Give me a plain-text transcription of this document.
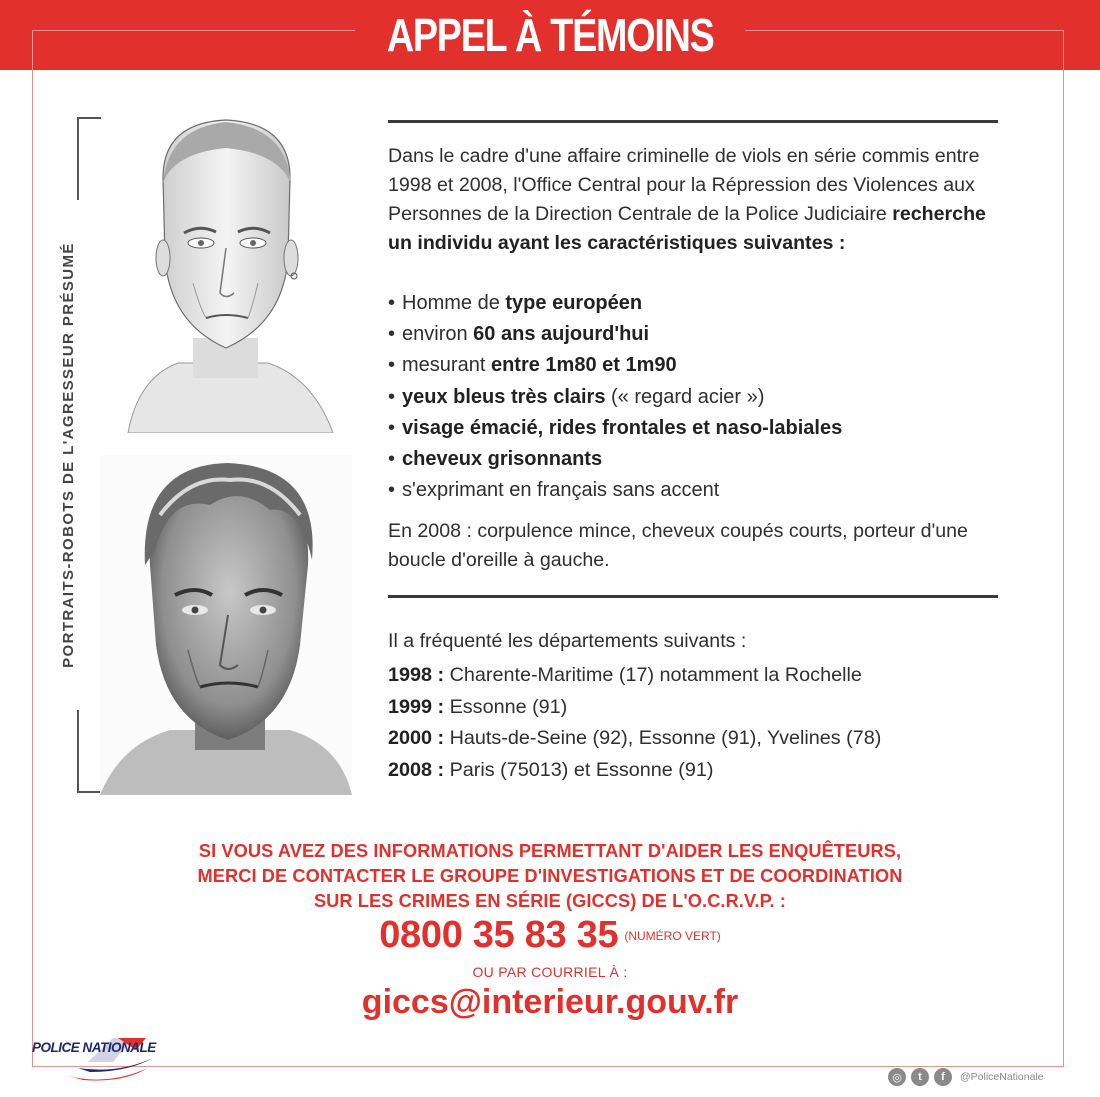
APPEL À TÉMOINS
PORTRAITS-ROBOTS DE L'AGRESSEUR PRÉSUMÉ
Dans le cadre d'une affaire criminelle de viols en série commis entre 1998 et 2008, l'Office Central pour la Répression des Violences aux Personnes de la Direction Centrale de la Police Judiciaire recherche un individu ayant les caractéristiques suivantes :
• Homme de type européen
• environ 60 ans aujourd'hui
• mesurant entre 1m80 et 1m90
• yeux bleus très clairs (« regard acier »)
• visage émacié, rides frontales et naso-labiales
• cheveux grisonnants
• s'exprimant en français sans accent
En 2008 : corpulence mince, cheveux coupés courts, porteur d'une boucle d'oreille à gauche.
Il a fréquenté les départements suivants :
1998 : Charente-Maritime (17) notamment la Rochelle
1999 : Essonne (91)
2000 : Hauts-de-Seine (92), Essonne (91), Yvelines (78)
2008 : Paris (75013) et Essonne (91)
SI VOUS AVEZ DES INFORMATIONS PERMETTANT D'AIDER LES ENQUÊTEURS,
MERCI DE CONTACTER LE GROUPE D'INVESTIGATIONS ET DE COORDINATION
SUR LES CRIMES EN SÉRIE (GICCS) DE L'O.C.R.V.P. :
0800 35 83 35 (NUMÉRO VERT)
OU PAR COURRIEL À :
giccs@interieur.gouv.fr
POLICE NATIONALE
◎	t	f	@PoliceNationale
